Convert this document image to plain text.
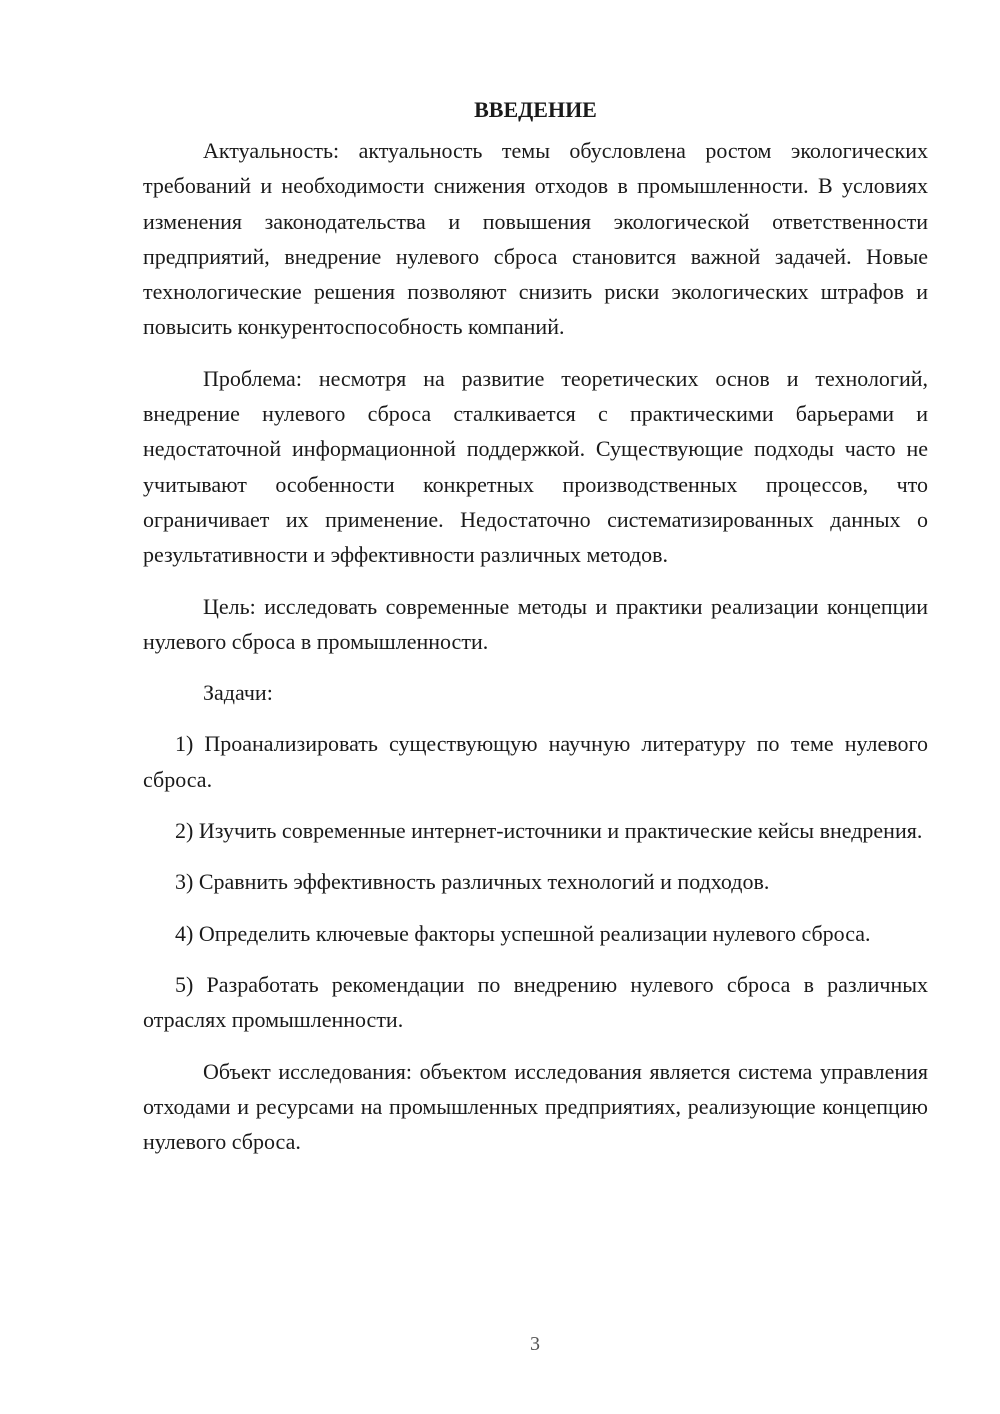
ВВЕДЕНИЕ

Актуальность: актуальность темы обусловлена ростом экологических требований и необходимости снижения отходов в промышленности. В условиях изменения законодательства и повышения экологической ответственности предприятий, внедрение нулевого сброса становится важной задачей. Новые технологические решения позволяют снизить риски экологических штрафов и повысить конкурентоспособность компаний.

Проблема: несмотря на развитие теоретических основ и технологий, внедрение нулевого сброса сталкивается с практическими барьерами и недостаточной информационной поддержкой. Существующие подходы часто не учитывают особенности конкретных производственных процессов, что ограничивает их применение. Недостаточно систематизированных данных о результативности и эффективности различных методов.

Цель: исследовать современные методы и практики реализации концепции нулевого сброса в промышленности.

Задачи:

1) Проанализировать существующую научную литературу по теме нулевого сброса.

2) Изучить современные интернет-источники и практические кейсы внедрения.

3) Сравнить эффективность различных технологий и подходов.

4) Определить ключевые факторы успешной реализации нулевого сброса.

5) Разработать рекомендации по внедрению нулевого сброса в различных отраслях промышленности.

Объект исследования: объектом исследования является система управления отходами и ресурсами на промышленных предприятиях, реализующие концепцию нулевого сброса.

3
